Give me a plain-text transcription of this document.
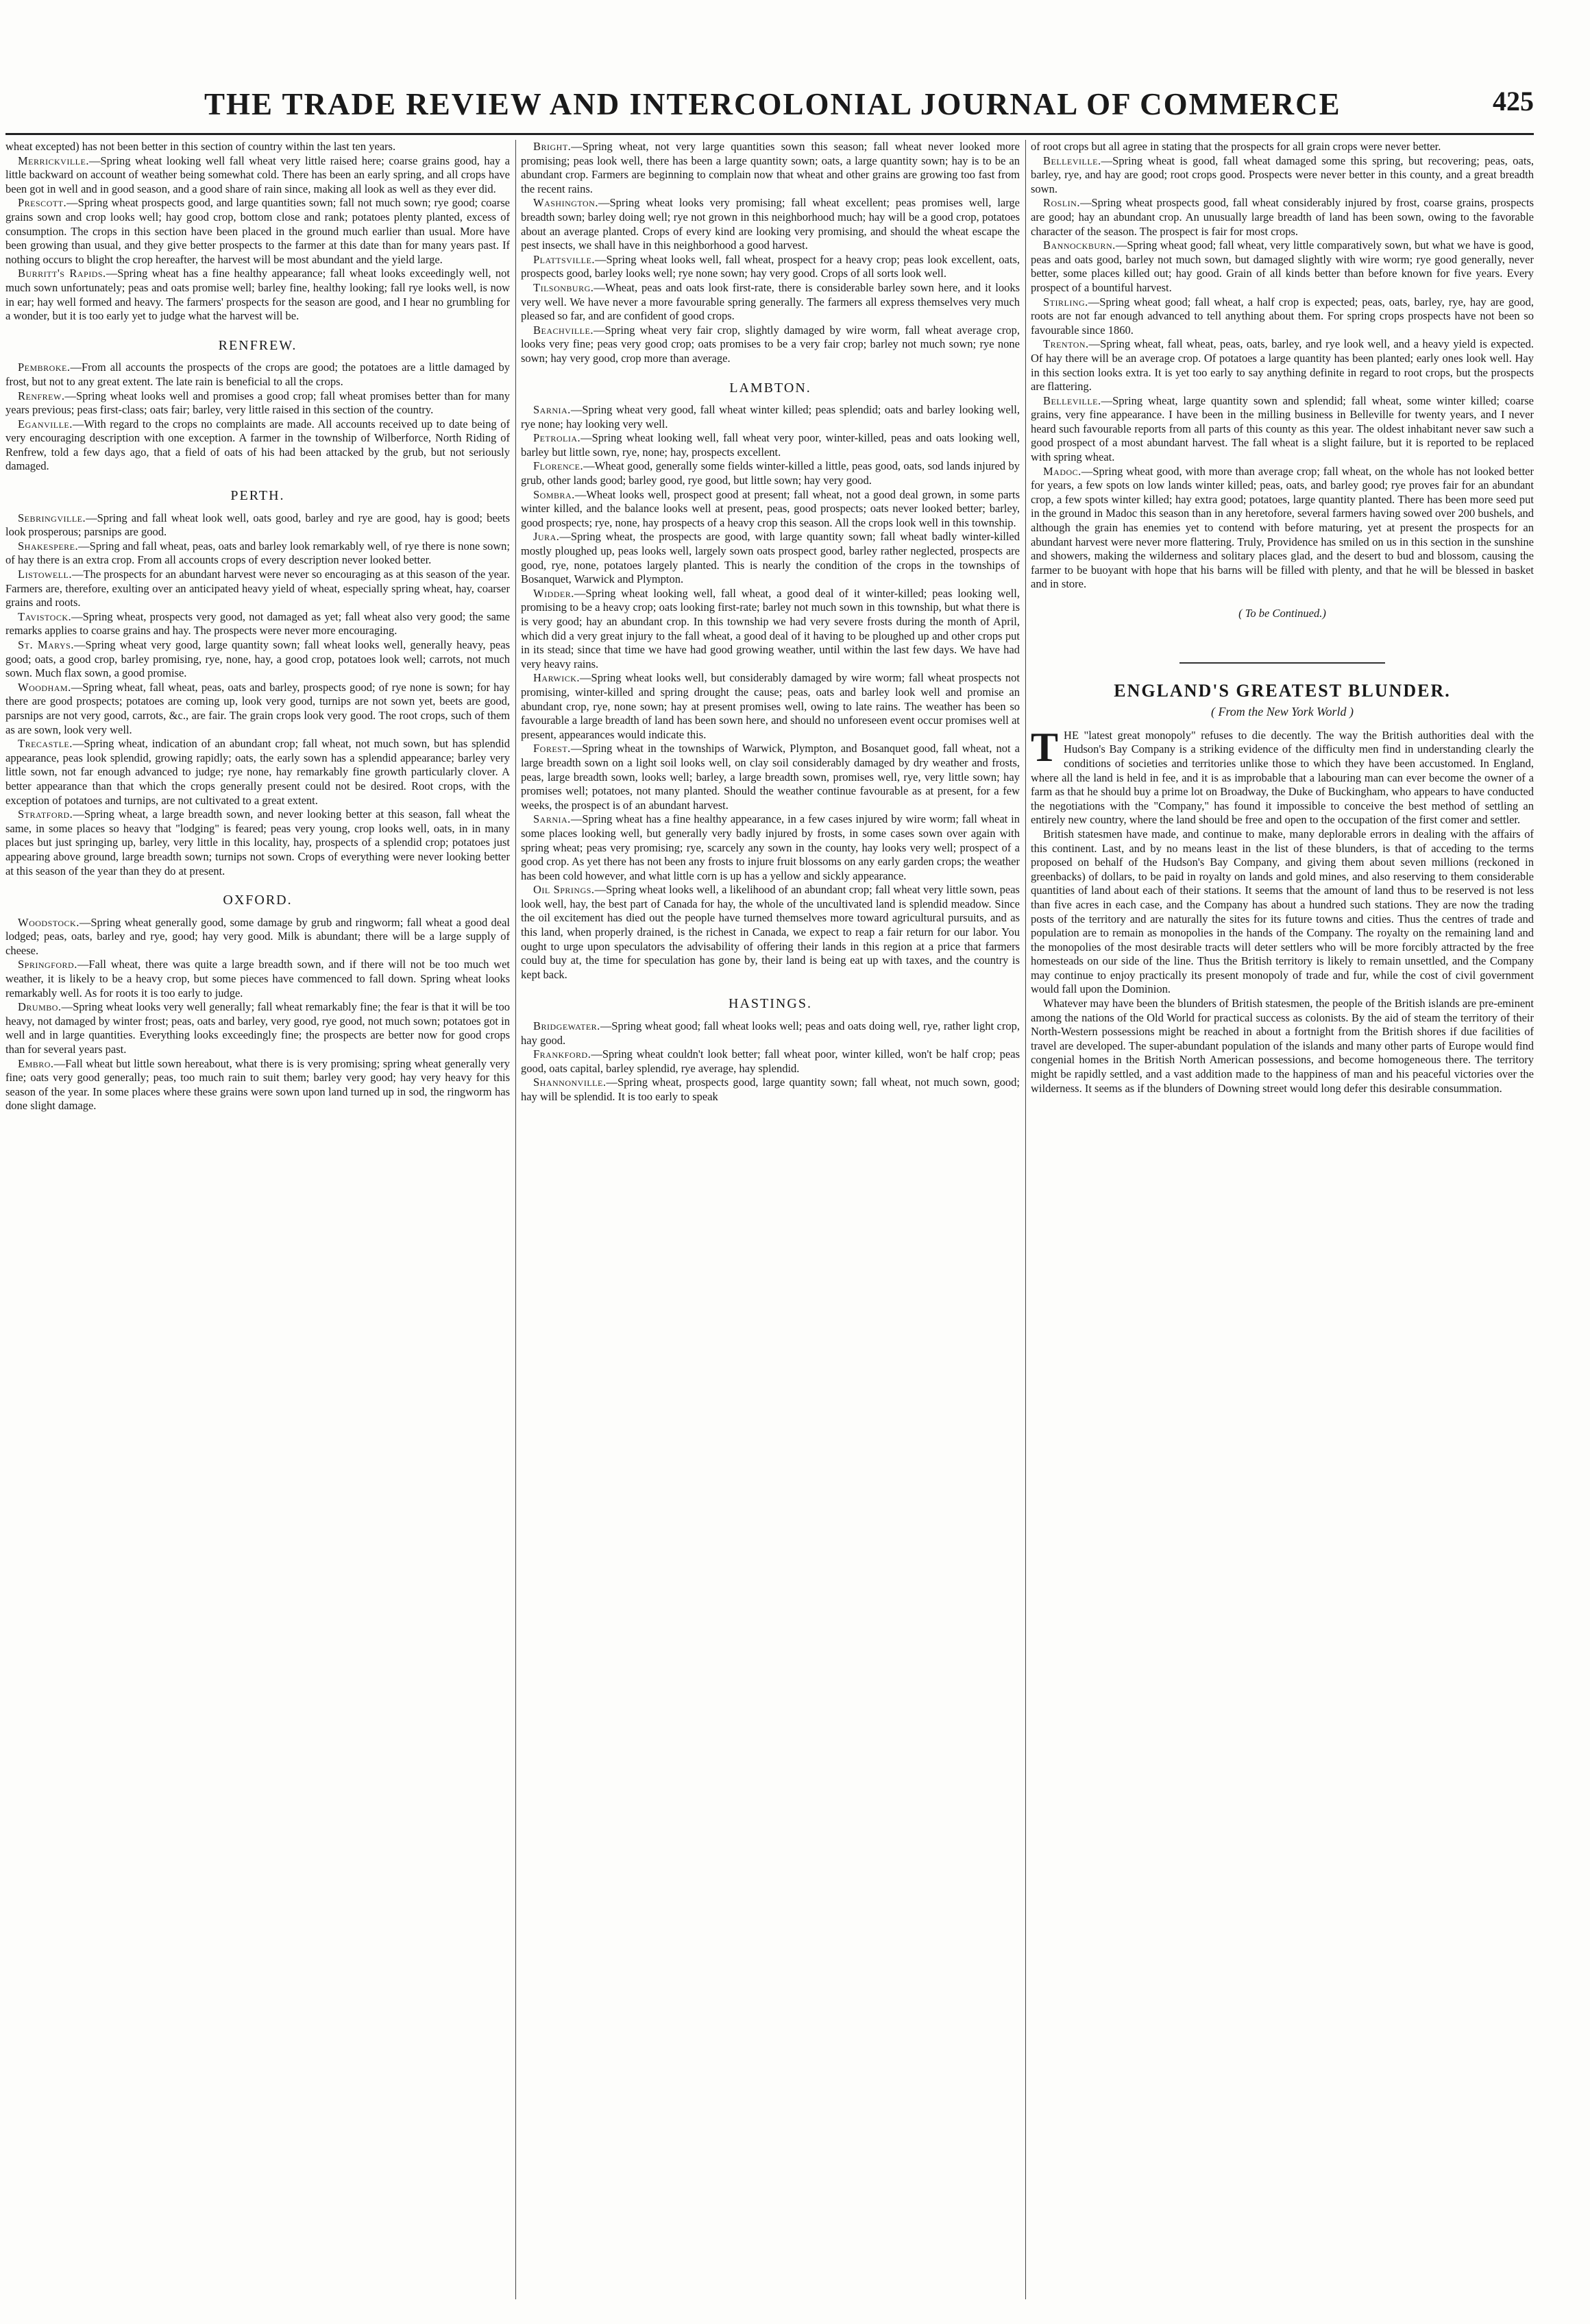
THE TRADE REVIEW AND INTERCOLONIAL JOURNAL OF COMMERCE	425

wheat excepted) has not been better in this section of country within the last ten years.

Merrickville.—Spring wheat looking well fall wheat very little raised here; coarse grains good, hay a little backward on account of weather being somewhat cold. There has been an early spring, and all crops have been got in well and in good season, and a good share of rain since, making all look as well as they ever did.

Prescott.—Spring wheat prospects good, and large quantities sown; fall not much sown; rye good; coarse grains sown and crop looks well; hay good crop, bottom close and rank; potatoes plenty planted, excess of consumption. The crops in this section have been placed in the ground much earlier than usual. More have been growing than usual, and they give better prospects to the farmer at this date than for many years past. If nothing occurs to blight the crop hereafter, the harvest will be most abundant and the yield large.

Burritt's Rapids.—Spring wheat has a fine healthy appearance; fall wheat looks exceedingly well, not much sown unfortunately; peas and oats promise well; barley fine, healthy looking; fall rye looks well, is now in ear; hay well formed and heavy. The farmers' prospects for the season are good, and I hear no grumbling for a wonder, but it is too early yet to judge what the harvest will be.

RENFREW.

Pembroke.—From all accounts the prospects of the crops are good; the potatoes are a little damaged by frost, but not to any great extent. The late rain is beneficial to all the crops.

Renfrew.—Spring wheat looks well and promises a good crop; fall wheat promises better than for many years previous; peas first-class; oats fair; barley, very little raised in this section of the country.

Eganville.—With regard to the crops no complaints are made. All accounts received up to date being of very encouraging description with one exception. A farmer in the township of Wilberforce, North Riding of Renfrew, told a few days ago, that a field of oats of his had been attacked by the grub, but not seriously damaged.

PERTH.

Sebringville.—Spring and fall wheat look well, oats good, barley and rye are good, hay is good; beets look prosperous; parsnips are good.

Shakespere.—Spring and fall wheat, peas, oats and barley look remarkably well, of rye there is none sown; of hay there is an extra crop. From all accounts crops of every description never looked better.

Listowell.—The prospects for an abundant harvest were never so encouraging as at this season of the year. Farmers are, therefore, exulting over an anticipated heavy yield of wheat, especially spring wheat, hay, coarser grains and roots.

Tavistock.—Spring wheat, prospects very good, not damaged as yet; fall wheat also very good; the same remarks applies to coarse grains and hay. The prospects were never more encouraging.

St. Marys.—Spring wheat very good, large quantity sown; fall wheat looks well, generally heavy, peas good; oats, a good crop, barley promising, rye, none, hay, a good crop, potatoes look well; carrots, not much sown. Much flax sown, a good promise.

Woodham.—Spring wheat, fall wheat, peas, oats and barley, prospects good; of rye none is sown; for hay there are good prospects; potatoes are coming up, look very good, turnips are not sown yet, beets are good, parsnips are not very good, carrots, &c., are fair. The grain crops look very good. The root crops, such of them as are sown, look very well.

Trecastle.—Spring wheat, indication of an abundant crop; fall wheat, not much sown, but has splendid appearance, peas look splendid, growing rapidly; oats, the early sown has a splendid appearance; barley very little sown, not far enough advanced to judge; rye none, hay remarkably fine growth particularly clover. A better appearance than that which the crops generally present could not be desired. Root crops, with the exception of potatoes and turnips, are not cultivated to a great extent.

Stratford.—Spring wheat, a large breadth sown, and never looking better at this season, fall wheat the same, in some places so heavy that "lodging" is feared; peas very young, crop looks well, oats, in in many places but just springing up, barley, very little in this locality, hay, prospects of a splendid crop; potatoes just appearing above ground, large breadth sown; turnips not sown. Crops of everything were never looking better at this season of the year than they do at present.

OXFORD.

Woodstock.—Spring wheat generally good, some damage by grub and ringworm; fall wheat a good deal lodged; peas, oats, barley and rye, good; hay very good. Milk is abundant; there will be a large supply of cheese.

Springford.—Fall wheat, there was quite a large breadth sown, and if there will not be too much wet weather, it is likely to be a heavy crop, but some pieces have commenced to fall down. Spring wheat looks remarkably well. As for roots it is too early to judge.

Drumbo.—Spring wheat looks very well generally; fall wheat remarkably fine; the fear is that it will be too heavy, not damaged by winter frost; peas, oats and barley, very good, rye good, not much sown; potatoes got in well and in large quantities. Everything looks exceedingly fine; the prospects are better now for good crops than for several years past.

Embro.—Fall wheat but little sown hereabout, what there is is very promising; spring wheat generally very fine; oats very good generally; peas, too much rain to suit them; barley very good; hay very heavy for this season of the year. In some places where these grains were sown upon land turned up in sod, the ringworm has done slight damage.

Bright.—Spring wheat, not very large quantities sown this season; fall wheat never looked more promising; peas look well, there has been a large quantity sown; oats, a large quantity sown; hay is to be an abundant crop. Farmers are beginning to complain now that wheat and other grains are growing too fast from the recent rains.

Washington.—Spring wheat looks very promising; fall wheat excellent; peas promises well, large breadth sown; barley doing well; rye not grown in this neighborhood much; hay will be a good crop, potatoes about an average planted. Crops of every kind are looking very promising, and should the wheat escape the pest insects, we shall have in this neighborhood a good harvest.

Plattsville.—Spring wheat looks well, fall wheat, prospect for a heavy crop; peas look excellent, oats, prospects good, barley looks well; rye none sown; hay very good. Crops of all sorts look well.

Tilsonburg.—Wheat, peas and oats look first-rate, there is considerable barley sown here, and it looks very well. We have never a more favourable spring generally. The farmers all express themselves very much pleased so far, and are confident of good crops.

Beachville.—Spring wheat very fair crop, slightly damaged by wire worm, fall wheat average crop, looks very fine; peas very good crop; oats promises to be a very fair crop; barley not much sown; rye none sown; hay very good, crop more than average.

LAMBTON.

Sarnia.—Spring wheat very good, fall wheat winter killed; peas splendid; oats and barley looking well, rye none; hay looking very well.

Petrolia.—Spring wheat looking well, fall wheat very poor, winter-killed, peas and oats looking well, barley but little sown, rye, none; hay, prospects excellent.

Florence.—Wheat good, generally some fields winter-killed a little, peas good, oats, sod lands injured by grub, other lands good; barley good, rye good, but little sown; hay very good.

Sombra.—Wheat looks well, prospect good at present; fall wheat, not a good deal grown, in some parts winter killed, and the balance looks well at present, peas, good prospects; oats never looked better; barley, good prospects; rye, none, hay prospects of a heavy crop this season. All the crops look well in this township.

Jura.—Spring wheat, the prospects are good, with large quantity sown; fall wheat badly winter-killed mostly ploughed up, peas looks well, largely sown oats prospect good, barley rather neglected, prospects are good, rye, none, potatoes largely planted. This is nearly the condition of the crops in the townships of Bosanquet, Warwick and Plympton.

Widder.—Spring wheat looking well, fall wheat, a good deal of it winter-killed; peas looking well, promising to be a heavy crop; oats looking first-rate; barley not much sown in this township, but what there is is very good; hay an abundant crop. In this township we had very severe frosts during the month of April, which did a very great injury to the fall wheat, a good deal of it having to be ploughed up and other crops put in its stead; since that time we have had good growing weather, until within the last few days. We have had very heavy rains.

Harwick.—Spring wheat looks well, but considerably damaged by wire worm; fall wheat prospects not promising, winter-killed and spring drought the cause; peas, oats and barley look well and promise an abundant crop, rye, none sown; hay at present promises well, owing to late rains. The weather has been so favourable a large breadth of land has been sown here, and should no unforeseen event occur promises well at present, appearances would indicate this.

Forest.—Spring wheat in the townships of Warwick, Plympton, and Bosanquet good, fall wheat, not a large breadth sown on a light soil looks well, on clay soil considerably damaged by dry weather and frosts, peas, large breadth sown, looks well; barley, a large breadth sown, promises well, rye, very little sown; hay promises well; potatoes, not many planted. Should the weather continue favourable as at present, for a few weeks, the prospect is of an abundant harvest.

Sarnia.—Spring wheat has a fine healthy appearance, in a few cases injured by wire worm; fall wheat in some places looking well, but generally very badly injured by frosts, in some cases sown over again with spring wheat; peas very promising; rye, scarcely any sown in the county, hay looks very well; prospect of a good crop. As yet there has not been any frosts to injure fruit blossoms on any early garden crops; the weather has been cold however, and what little corn is up has a yellow and sickly appearance.

Oil Springs.—Spring wheat looks well, a likelihood of an abundant crop; fall wheat very little sown, peas look well, hay, the best part of Canada for hay, the whole of the uncultivated land is splendid meadow. Since the oil excitement has died out the people have turned themselves more toward agricultural pursuits, and as this land, when properly drained, is the richest in Canada, we expect to reap a fair return for our labor. You ought to urge upon speculators the advisability of offering their lands in this region at a price that farmers could buy at, the time for speculation has gone by, their land is being eat up with taxes, and the country is kept back.

HASTINGS.

Bridgewater.—Spring wheat good; fall wheat looks well; peas and oats doing well, rye, rather light crop, hay good.

Frankford.—Spring wheat couldn't look better; fall wheat poor, winter killed, won't be half crop; peas good, oats capital, barley splendid, rye average, hay splendid.

Shannonville.—Spring wheat, prospects good, large quantity sown; fall wheat, not much sown, good; hay will be splendid. It is too early to speak

of root crops but all agree in stating that the prospects for all grain crops were never better.

Belleville.—Spring wheat is good, fall wheat damaged some this spring, but recovering; peas, oats, barley, rye, and hay are good; root crops good. Prospects were never better in this county, and a great breadth sown.

Roslin.—Spring wheat prospects good, fall wheat considerably injured by frost, coarse grains, prospects are good; hay an abundant crop. An unusually large breadth of land has been sown, owing to the favorable character of the season. The prospect is fair for most crops.

Bannockburn.—Spring wheat good; fall wheat, very little comparatively sown, but what we have is good, peas and oats good, barley not much sown, but damaged slightly with wire worm; rye good generally, never better, some places killed out; hay good. Grain of all kinds better than before known for five years. Every prospect of a bountiful harvest.

Stirling.—Spring wheat good; fall wheat, a half crop is expected; peas, oats, barley, rye, hay are good, roots are not far enough advanced to tell anything about them. For spring crops prospects have not been so favourable since 1860.

Trenton.—Spring wheat, fall wheat, peas, oats, barley, and rye look well, and a heavy yield is expected. Of hay there will be an average crop. Of potatoes a large quantity has been planted; early ones look well. Hay in this section looks extra. It is yet too early to say anything definite in regard to root crops, but the prospects are flattering.

Belleville.—Spring wheat, large quantity sown and splendid; fall wheat, some winter killed; coarse grains, very fine appearance. I have been in the milling business in Belleville for twenty years, and I never heard such favourable reports from all parts of this county as this year. The oldest inhabitant never saw such a good prospect of a most abundant harvest. The fall wheat is a slight failure, but it is reported to be replaced with spring wheat.

Madoc.—Spring wheat good, with more than average crop; fall wheat, on the whole has not looked better for years, a few spots on low lands winter killed; peas, oats, and barley good; rye proves fair for an abundant crop, a few spots winter killed; hay extra good; potatoes, large quantity planted. There has been more seed put in the ground in Madoc this season than in any heretofore, several farmers having sowed over 200 bushels, and although the grain has enemies yet to contend with before maturing, yet at present the prospects for an abundant harvest were never more flattering. Truly, Providence has smiled on us in this section in the sunshine and showers, making the wilderness and solitary places glad, and the desert to bud and blossom, causing the farmer to be buoyant with hope that his barns will be filled with plenty, and that he will be blessed in basket and in store.

( To be Continued.)

ENGLAND'S GREATEST BLUNDER.

( From the New York World )

THE "latest great monopoly" refuses to die decently. The way the British authorities deal with the Hudson's Bay Company is a striking evidence of the difficulty men find in understanding clearly the conditions of societies and territories unlike those to which they have been accustomed. In England, where all the land is held in fee, and it is as improbable that a labouring man can ever become the owner of a farm as that he should buy a prime lot on Broadway, the Duke of Buckingham, who appears to have conducted the negotiations with the "Company," has found it impossible to conceive the best method of settling an entirely new country, where the land should be free and open to the occupation of the first comer and settler.

British statesmen have made, and continue to make, many deplorable errors in dealing with the affairs of this continent. Last, and by no means least in the list of these blunders, is that of acceding to the terms proposed on behalf of the Hudson's Bay Company, and giving them about seven millions (reckoned in greenbacks) of dollars, to be paid in royalty on lands and gold mines, and also reserving to them considerable quantities of land about each of their stations. It seems that the amount of land thus to be reserved is not less than five acres in each case, and the Company has about a hundred such stations. They are now the trading posts of the territory and are naturally the sites for its future towns and cities. Thus the centres of trade and population are to remain as monopolies in the hands of the Company. The royalty on the remaining land and the monopolies of the most desirable tracts will deter settlers who will be more forcibly attracted by the free homesteads on our side of the line. Thus the British territory is likely to remain unsettled, and the Company may continue to enjoy practically its present monopoly of trade and fur, while the cost of civil government would fall upon the Dominion.

Whatever may have been the blunders of British statesmen, the people of the British islands are pre-eminent among the nations of the Old World for practical success as colonists. By the aid of steam the territory of their North-Western possessions might be reached in about a fortnight from the British shores if due facilities of travel are developed. The super-abundant population of the islands and many other parts of Europe would find congenial homes in the British North American possessions, and become homogeneous there. The territory might be rapidly settled, and a vast addition made to the happiness of man and his peaceful victories over the wilderness. It seems as if the blunders of Downing street would long defer this desirable consummation.
